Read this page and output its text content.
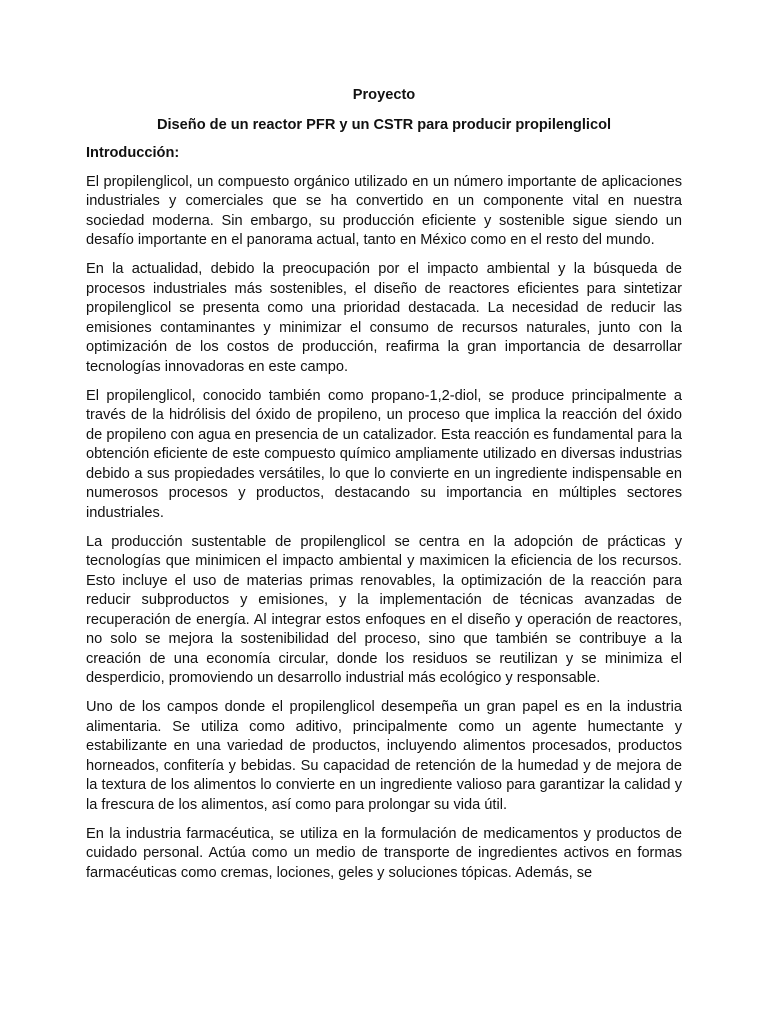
Proyecto
Diseño de un reactor PFR y un CSTR para producir propilenglicol
Introducción:

El propilenglicol, un compuesto orgánico utilizado en un número importante de aplicaciones industriales y comerciales que se ha convertido en un componente vital en nuestra sociedad moderna. Sin embargo, su producción eficiente y sostenible sigue siendo un desafío importante en el panorama actual, tanto en México como en el resto del mundo.

En la actualidad, debido la preocupación por el impacto ambiental y la búsqueda de procesos industriales más sostenibles, el diseño de reactores eficientes para sintetizar propilenglicol se presenta como una prioridad destacada. La necesidad de reducir las emisiones contaminantes y minimizar el consumo de recursos naturales, junto con la optimización de los costos de producción, reafirma la gran importancia de desarrollar tecnologías innovadoras en este campo.

El propilenglicol, conocido también como propano-1,2-diol, se produce principalmente a través de la hidrólisis del óxido de propileno, un proceso que implica la reacción del óxido de propileno con agua en presencia de un catalizador. Esta reacción es fundamental para la obtención eficiente de este compuesto químico ampliamente utilizado en diversas industrias debido a sus propiedades versátiles, lo que lo convierte en un ingrediente indispensable en numerosos procesos y productos, destacando su importancia en múltiples sectores industriales.

La producción sustentable de propilenglicol se centra en la adopción de prácticas y tecnologías que minimicen el impacto ambiental y maximicen la eficiencia de los recursos. Esto incluye el uso de materias primas renovables, la optimización de la reacción para reducir subproductos y emisiones, y la implementación de técnicas avanzadas de recuperación de energía. Al integrar estos enfoques en el diseño y operación de reactores, no solo se mejora la sostenibilidad del proceso, sino que también se contribuye a la creación de una economía circular, donde los residuos se reutilizan y se minimiza el desperdicio, promoviendo un desarrollo industrial más ecológico y responsable.

Uno de los campos donde el propilenglicol desempeña un gran papel es en la industria alimentaria. Se utiliza como aditivo, principalmente como un agente humectante y estabilizante en una variedad de productos, incluyendo alimentos procesados, productos horneados, confitería y bebidas. Su capacidad de retención de la humedad y de mejora de la textura de los alimentos lo convierte en un ingrediente valioso para garantizar la calidad y la frescura de los alimentos, así como para prolongar su vida útil.

En la industria farmacéutica, se utiliza en la formulación de medicamentos y productos de cuidado personal. Actúa como un medio de transporte de ingredientes activos en formas farmacéuticas como cremas, lociones, geles y soluciones tópicas. Además, se
